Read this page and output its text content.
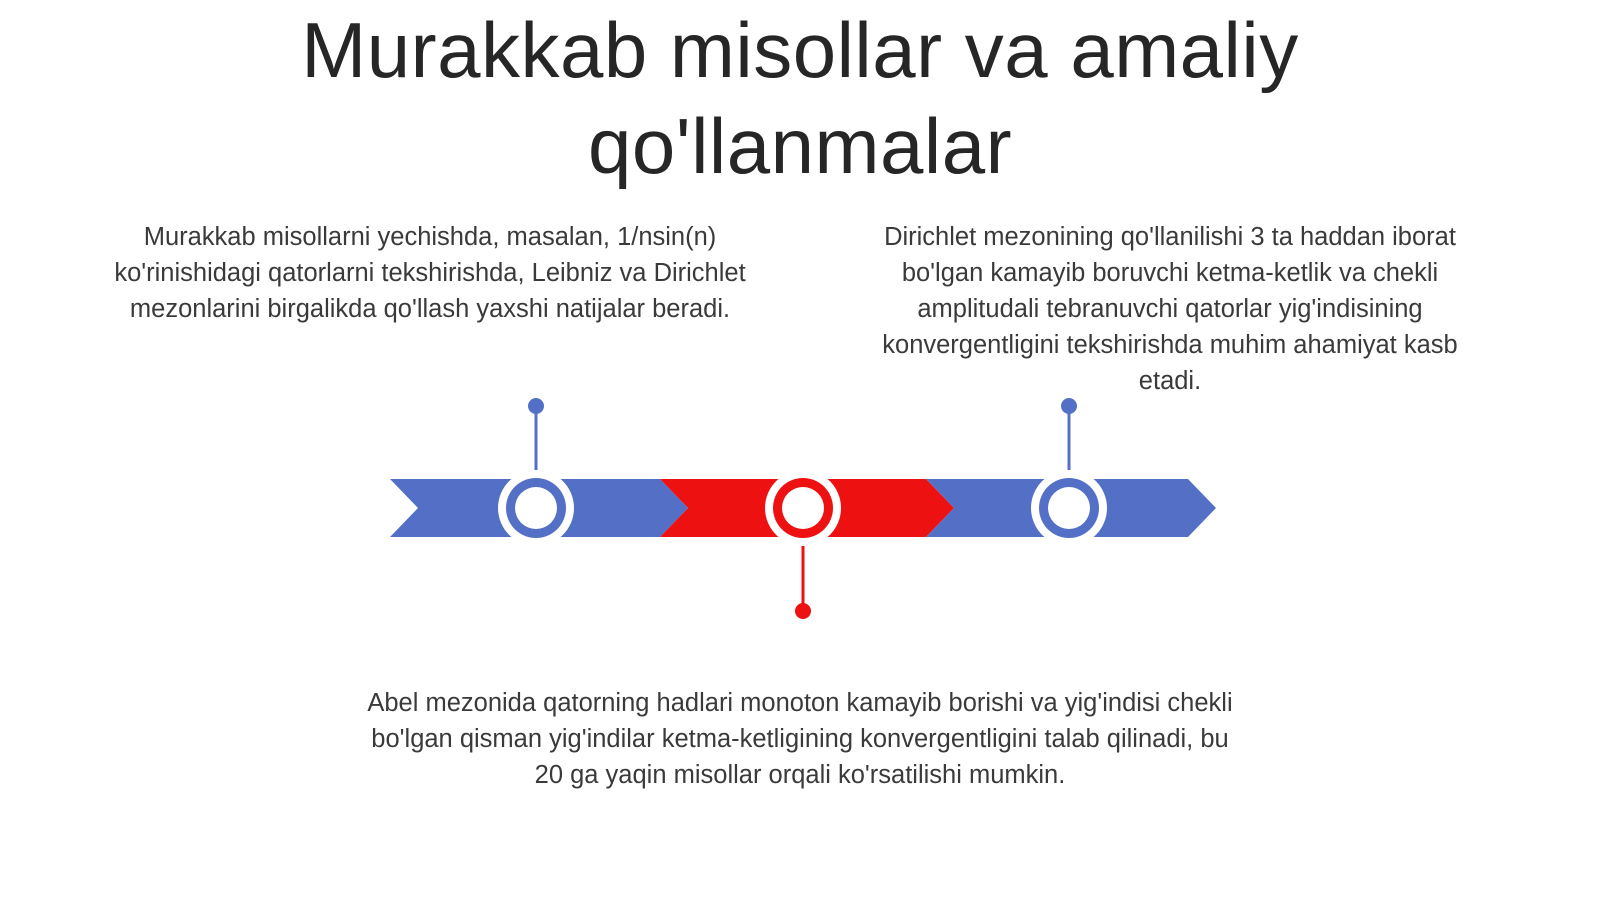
Murakkab misollar va amaliy qo'llanmalar

Murakkab misollarni yechishda, masalan, 1/nsin(n) ko'rinishidagi qatorlarni tekshirishda, Leibniz va Dirichlet mezonlarini birgalikda qo'llash yaxshi natijalar beradi.

Dirichlet mezonining qo'llanilishi 3 ta haddan iborat bo'lgan kamayib boruvchi ketma-ketlik va chekli amplitudali tebranuvchi qatorlar yig'indisining konvergentligini tekshirishda muhim ahamiyat kasb etadi.

Abel mezonida qatorning hadlari monoton kamayib borishi va yig'indisi chekli bo'lgan qisman yig'indilar ketma-ketligining konvergentligini talab qilinadi, bu 20 ga yaqin misollar orqali ko'rsatilishi mumkin.
